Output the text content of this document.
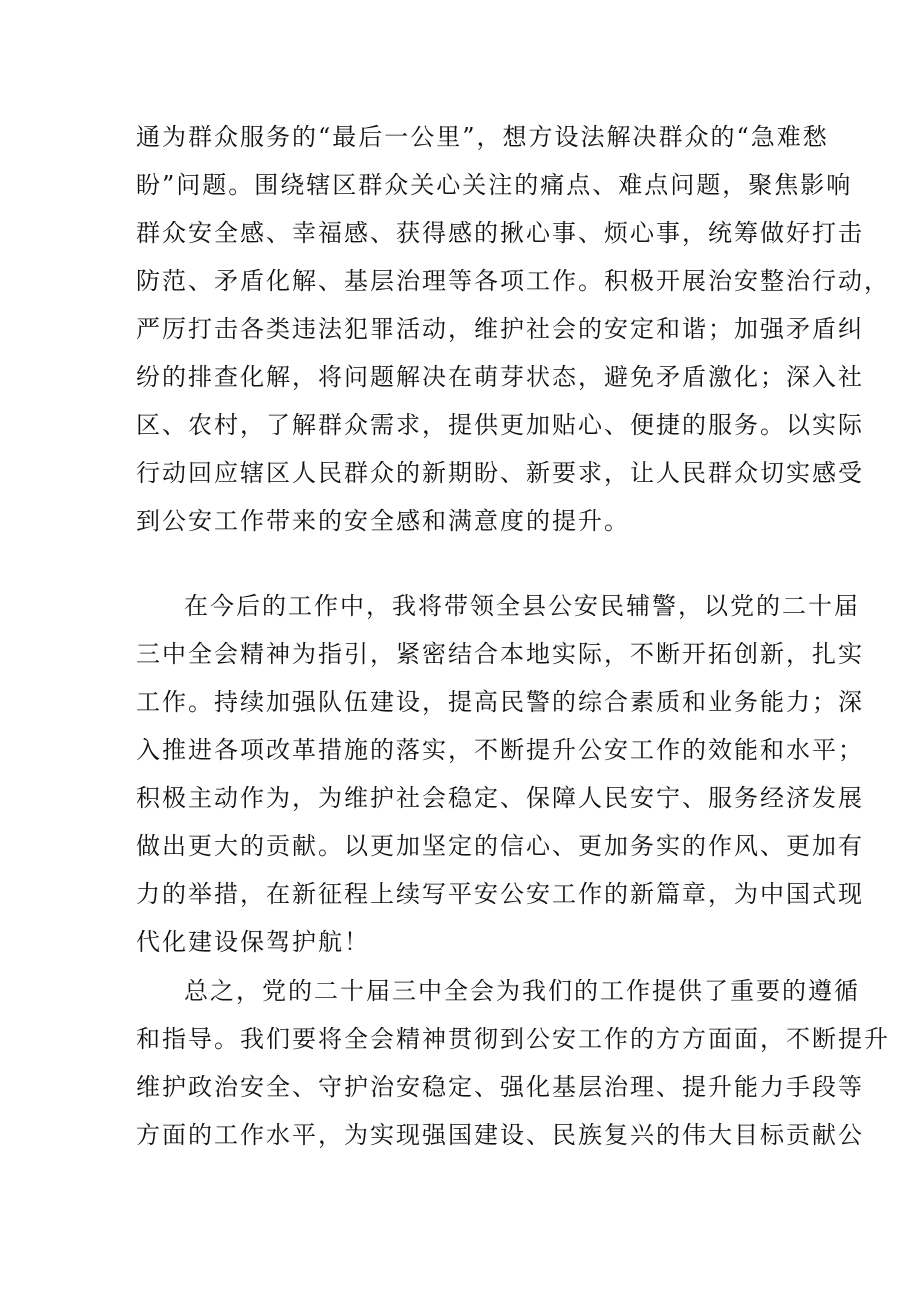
通为群众服务的“最后一公里”，想方设法解决群众的“急难愁
盼”问题。围绕辖区群众关心关注的痛点、难点问题，聚焦影响
群众安全感、幸福感、获得感的揪心事、烦心事，统筹做好打击
防范、矛盾化解、基层治理等各项工作。积极开展治安整治行动，
严厉打击各类违法犯罪活动，维护社会的安定和谐；加强矛盾纠
纷的排查化解，将问题解决在萌芽状态，避免矛盾激化；深入社
区、农村，了解群众需求，提供更加贴心、便捷的服务。以实际
行动回应辖区人民群众的新期盼、新要求，让人民群众切实感受
到公安工作带来的安全感和满意度的提升。
在今后的工作中，我将带领全县公安民辅警，以党的二十届
三中全会精神为指引，紧密结合本地实际，不断开拓创新，扎实
工作。持续加强队伍建设，提高民警的综合素质和业务能力；深
入推进各项改革措施的落实，不断提升公安工作的效能和水平；
积极主动作为，为维护社会稳定、保障人民安宁、服务经济发展
做出更大的贡献。以更加坚定的信心、更加务实的作风、更加有
力的举措，在新征程上续写平安公安工作的新篇章，为中国式现
代化建设保驾护航！
总之，党的二十届三中全会为我们的工作提供了重要的遵循
和指导。我们要将全会精神贯彻到公安工作的方方面面，不断提升
维护政治安全、守护治安稳定、强化基层治理、提升能力手段等
方面的工作水平，为实现强国建设、民族复兴的伟大目标贡献公
